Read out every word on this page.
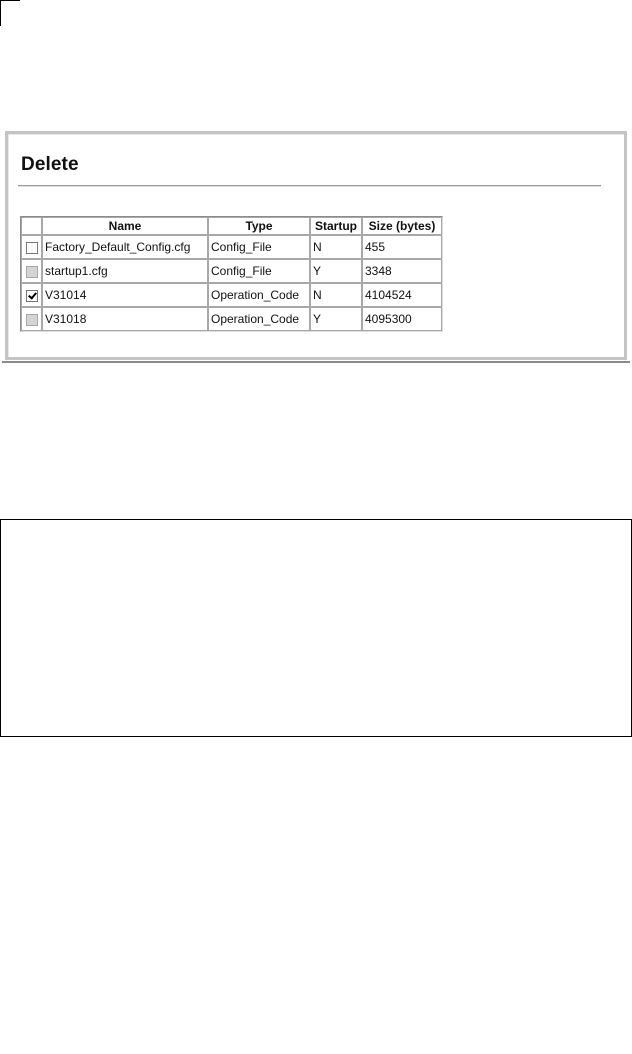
Delete
	Name	Type	Startup	Size (bytes)
	Factory_Default_Config.cfg	Config_File	N	455
	startup1.cfg	Config_File	Y	3348
	V31014	Operation_Code	N	4104524
	V31018	Operation_Code	Y	4095300
